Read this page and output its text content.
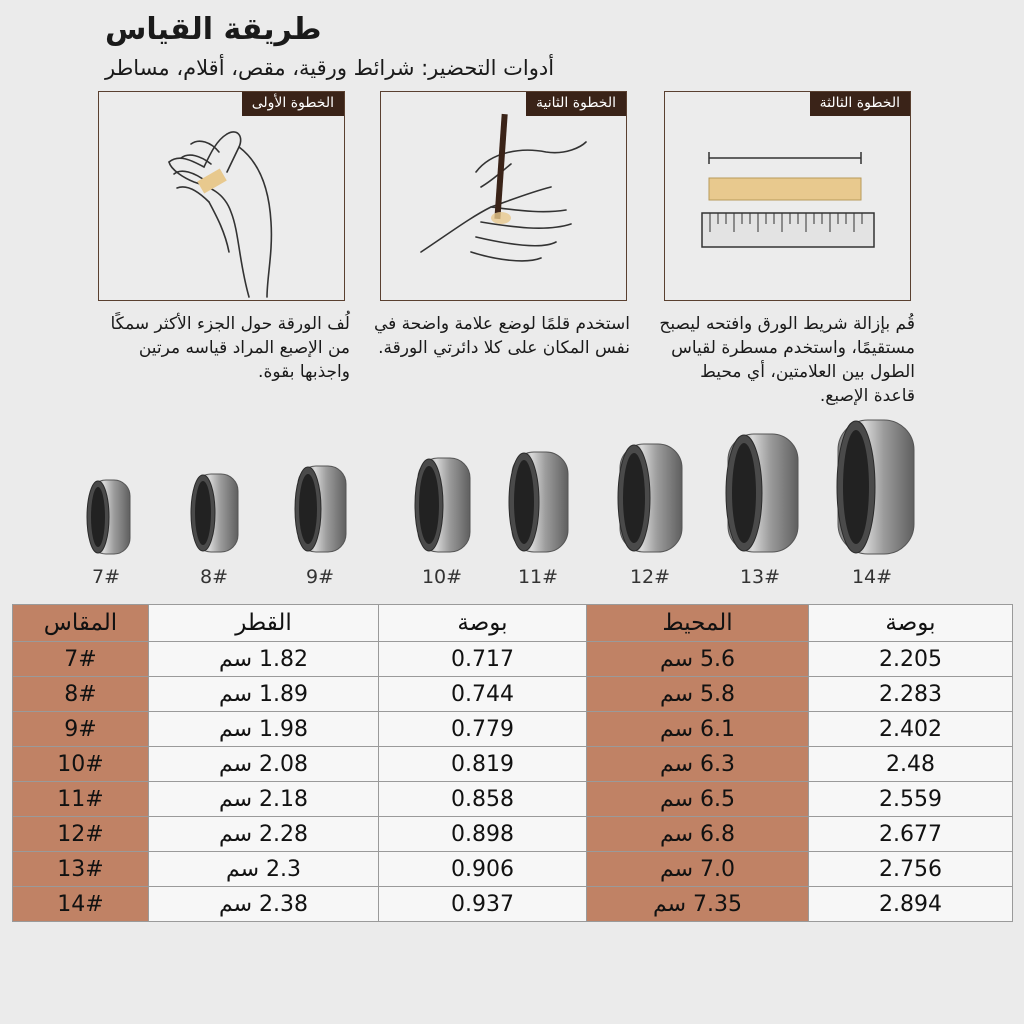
طريقة القياس
أدوات التحضير: شرائط ورقية، مقص، أقلام، مساطر
الخطوة الأولى	الخطوة الثانية	الخطوة الثالثة
لُف الورقة حول الجزء الأكثر سمكًا من الإصبع المراد قياسه مرتين واجذبها بقوة.
استخدم قلمًا لوضع علامة واضحة في نفس المكان على كلا دائرتي الورقة.
قُم بإزالة شريط الورق وافتحه ليصبح مستقيمًا، واستخدم مسطرة لقياس الطول بين العلامتين، أي محيط قاعدة الإصبع.
7#	8#	9#	10#	11#	12#	13#	14#
المقاس	القطر	بوصة	المحيط	بوصة
7#	1.82 سم	0.717	5.6 سم	2.205
8#	1.89 سم	0.744	5.8 سم	2.283
9#	1.98 سم	0.779	6.1 سم	2.402
10#	2.08 سم	0.819	6.3 سم	2.48
11#	2.18 سم	0.858	6.5 سم	2.559
12#	2.28 سم	0.898	6.8 سم	2.677
13#	2.3 سم	0.906	7.0 سم	2.756
14#	2.38 سم	0.937	7.35 سم	2.894
